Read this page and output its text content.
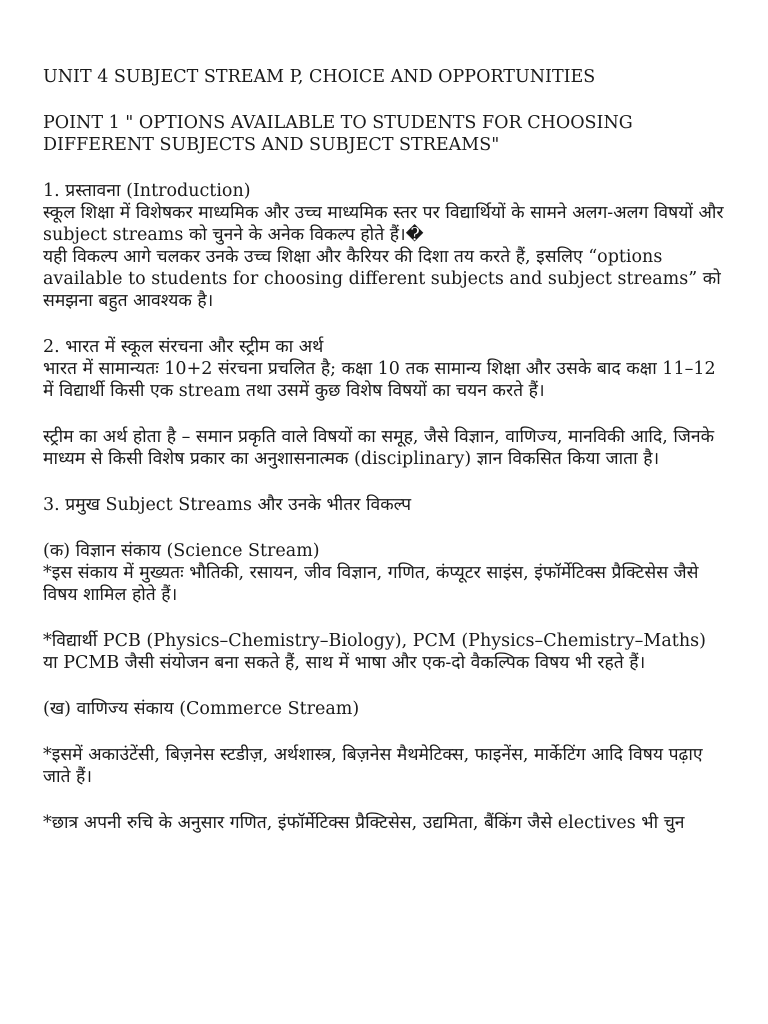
UNIT 4 SUBJECT STREAM P, CHOICE AND OPPORTUNITIES

POINT 1 " OPTIONS AVAILABLE TO STUDENTS FOR CHOOSING DIFFERENT SUBJECTS AND SUBJECT STREAMS"

1. प्रस्तावना (Introduction)

स्कूल शिक्षा में विशेषकर माध्यमिक और उच्च माध्यमिक स्तर पर विद्यार्थियों के सामने अलग-अलग विषयों और subject streams को चुनने के अनेक विकल्प होते हैं।�

यही विकल्प आगे चलकर उनके उच्च शिक्षा और कैरियर की दिशा तय करते हैं, इसलिए “options available to students for choosing different subjects and subject streams” को समझना बहुत आवश्यक है।

2. भारत में स्कूल संरचना और स्ट्रीम का अर्थ

भारत में सामान्यतः 10+2 संरचना प्रचलित है; कक्षा 10 तक सामान्य शिक्षा और उसके बाद कक्षा 11–12 में विद्यार्थी किसी एक stream तथा उसमें कुछ विशेष विषयों का चयन करते हैं।

स्ट्रीम का अर्थ होता है – समान प्रकृति वाले विषयों का समूह, जैसे विज्ञान, वाणिज्य, मानविकी आदि, जिनके माध्यम से किसी विशेष प्रकार का अनुशासनात्मक (disciplinary) ज्ञान विकसित किया जाता है।

3. प्रमुख Subject Streams और उनके भीतर विकल्प

(क) विज्ञान संकाय (Science Stream)

*इस संकाय में मुख्यतः भौतिकी, रसायन, जीव विज्ञान, गणित, कंप्यूटर साइंस, इंफॉर्मेटिक्स प्रैक्टिसेस जैसे विषय शामिल होते हैं।

*विद्यार्थी PCB (Physics–Chemistry–Biology), PCM (Physics–Chemistry–Maths) या PCMB जैसी संयोजन बना सकते हैं, साथ में भाषा और एक-दो वैकल्पिक विषय भी रहते हैं।

(ख) वाणिज्य संकाय (Commerce Stream)

*इसमें अकाउंटेंसी, बिज़नेस स्टडीज़, अर्थशास्त्र, बिज़नेस मैथमेटिक्स, फाइनेंस, मार्केटिंग आदि विषय पढ़ाए जाते हैं।

*छात्र अपनी रुचि के अनुसार गणित, इंफॉर्मेटिक्स प्रैक्टिसेस, उद्यमिता, बैंकिंग जैसे electives भी चुन
